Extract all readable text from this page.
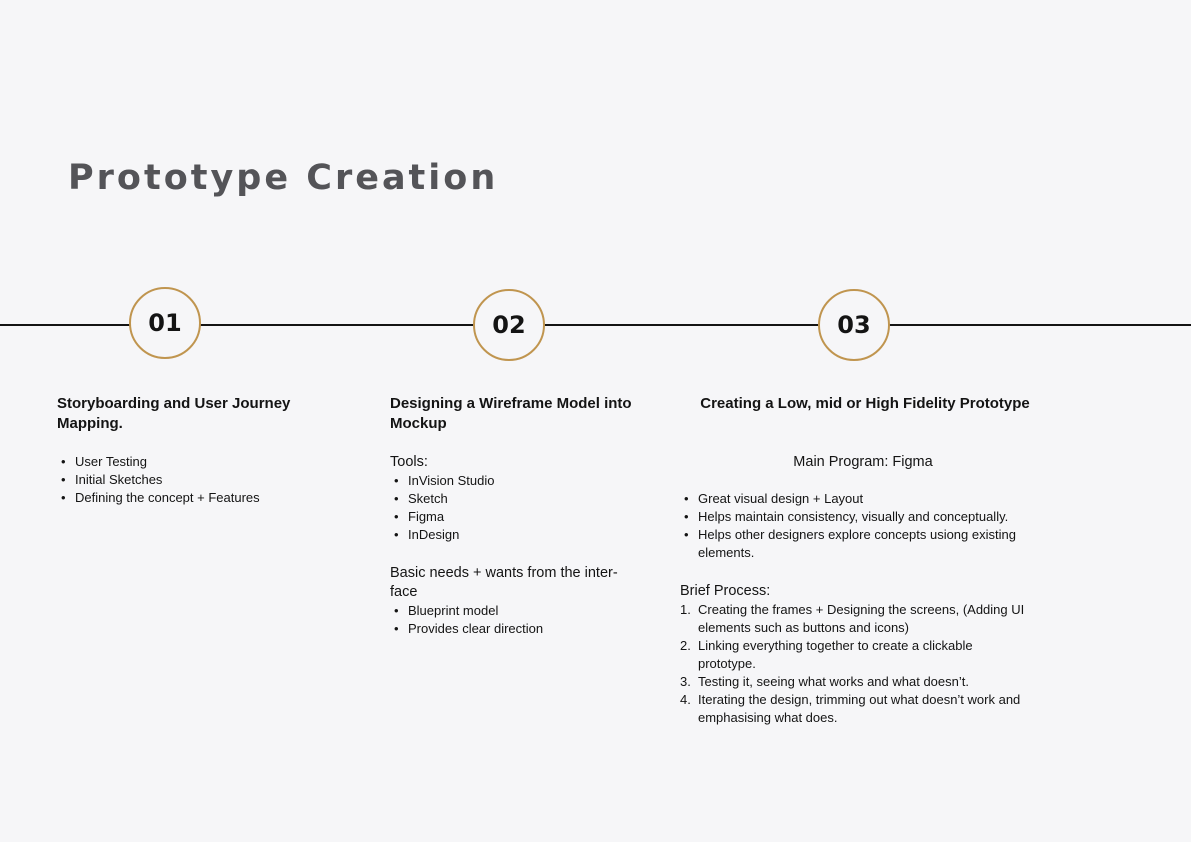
Prototype Creation
01	02	03
Storyboarding and User Journey Mapping.
• User Testing
• Initial Sketches
• Defining the concept + Features
Designing a Wireframe Model into Mockup
Tools:
• InVision Studio
• Sketch
• Figma
• InDesign
Basic needs + wants from the inter-face
• Blueprint model
• Provides clear direction
Creating a Low, mid or High Fidelity Prototype
Main Program: Figma
• Great visual design + Layout
• Helps maintain consistency, visually and conceptually.
• Helps other designers explore concepts usiong existing elements.
Brief Process:
1. Creating the frames + Designing the screens, (Adding UI elements such as buttons and icons)
2. Linking everything together to create a clickable prototype.
3. Testing it, seeing what works and what doesn’t.
4. Iterating the design, trimming out what doesn’t work and emphasising what does.
